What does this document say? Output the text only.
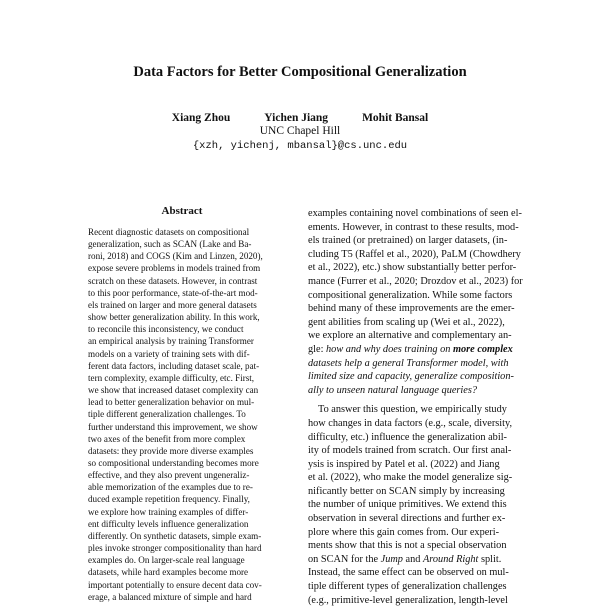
Data Factors for Better Compositional Generalization
Xiang Zhou	Yichen Jiang	Mohit Bansal
UNC Chapel Hill
{xzh, yichenj, mbansal}@cs.unc.edu
Abstract
Recent diagnostic datasets on compositional
generalization, such as SCAN (Lake and Ba-
roni, 2018) and COGS (Kim and Linzen, 2020),
expose severe problems in models trained from
scratch on these datasets. However, in contrast
to this poor performance, state-of-the-art mod-
els trained on larger and more general datasets
show better generalization ability. In this work,
to reconcile this inconsistency, we conduct
an empirical analysis by training Transformer
models on a variety of training sets with dif-
ferent data factors, including dataset scale, pat-
tern complexity, example difficulty, etc. First,
we show that increased dataset complexity can
lead to better generalization behavior on mul-
tiple different generalization challenges. To
further understand this improvement, we show
two axes of the benefit from more complex
datasets: they provide more diverse examples
so compositional understanding becomes more
effective, and they also prevent ungeneraliz-
able memorization of the examples due to re-
duced example repetition frequency. Finally,
we explore how training examples of differ-
ent difficulty levels influence generalization
differently. On synthetic datasets, simple exam-
ples invoke stronger compositionality than hard
examples do. On larger-scale real language
datasets, while hard examples become more
important potentially to ensure decent data cov-
erage, a balanced mixture of simple and hard
examples containing novel combinations of seen el-
ements. However, in contrast to these results, mod-
els trained (or pretrained) on larger datasets, (in-
cluding T5 (Raffel et al., 2020), PaLM (Chowdhery
et al., 2022), etc.) show substantially better perfor-
mance (Furrer et al., 2020; Drozdov et al., 2023) for
compositional generalization. While some factors
behind many of these improvements are the emer-
gent abilities from scaling up (Wei et al., 2022),
we explore an alternative and complementary an-
gle: how and why does training on more complex
datasets help a general Transformer model, with
limited size and capacity, generalize composition-
ally to unseen natural language queries?
To answer this question, we empirically study
how changes in data factors (e.g., scale, diversity,
difficulty, etc.) influence the generalization abil-
ity of models trained from scratch. Our first anal-
ysis is inspired by Patel et al. (2022) and Jiang
et al. (2022), who make the model generalize sig-
nificantly better on SCAN simply by increasing
the number of unique primitives. We extend this
observation in several directions and further ex-
plore where this gain comes from. Our experi-
ments show that this is not a special observation
on SCAN for the Jump and Around Right split.
Instead, the same effect can be observed on mul-
tiple different types of generalization challenges
(e.g., primitive-level generalization, length-level
